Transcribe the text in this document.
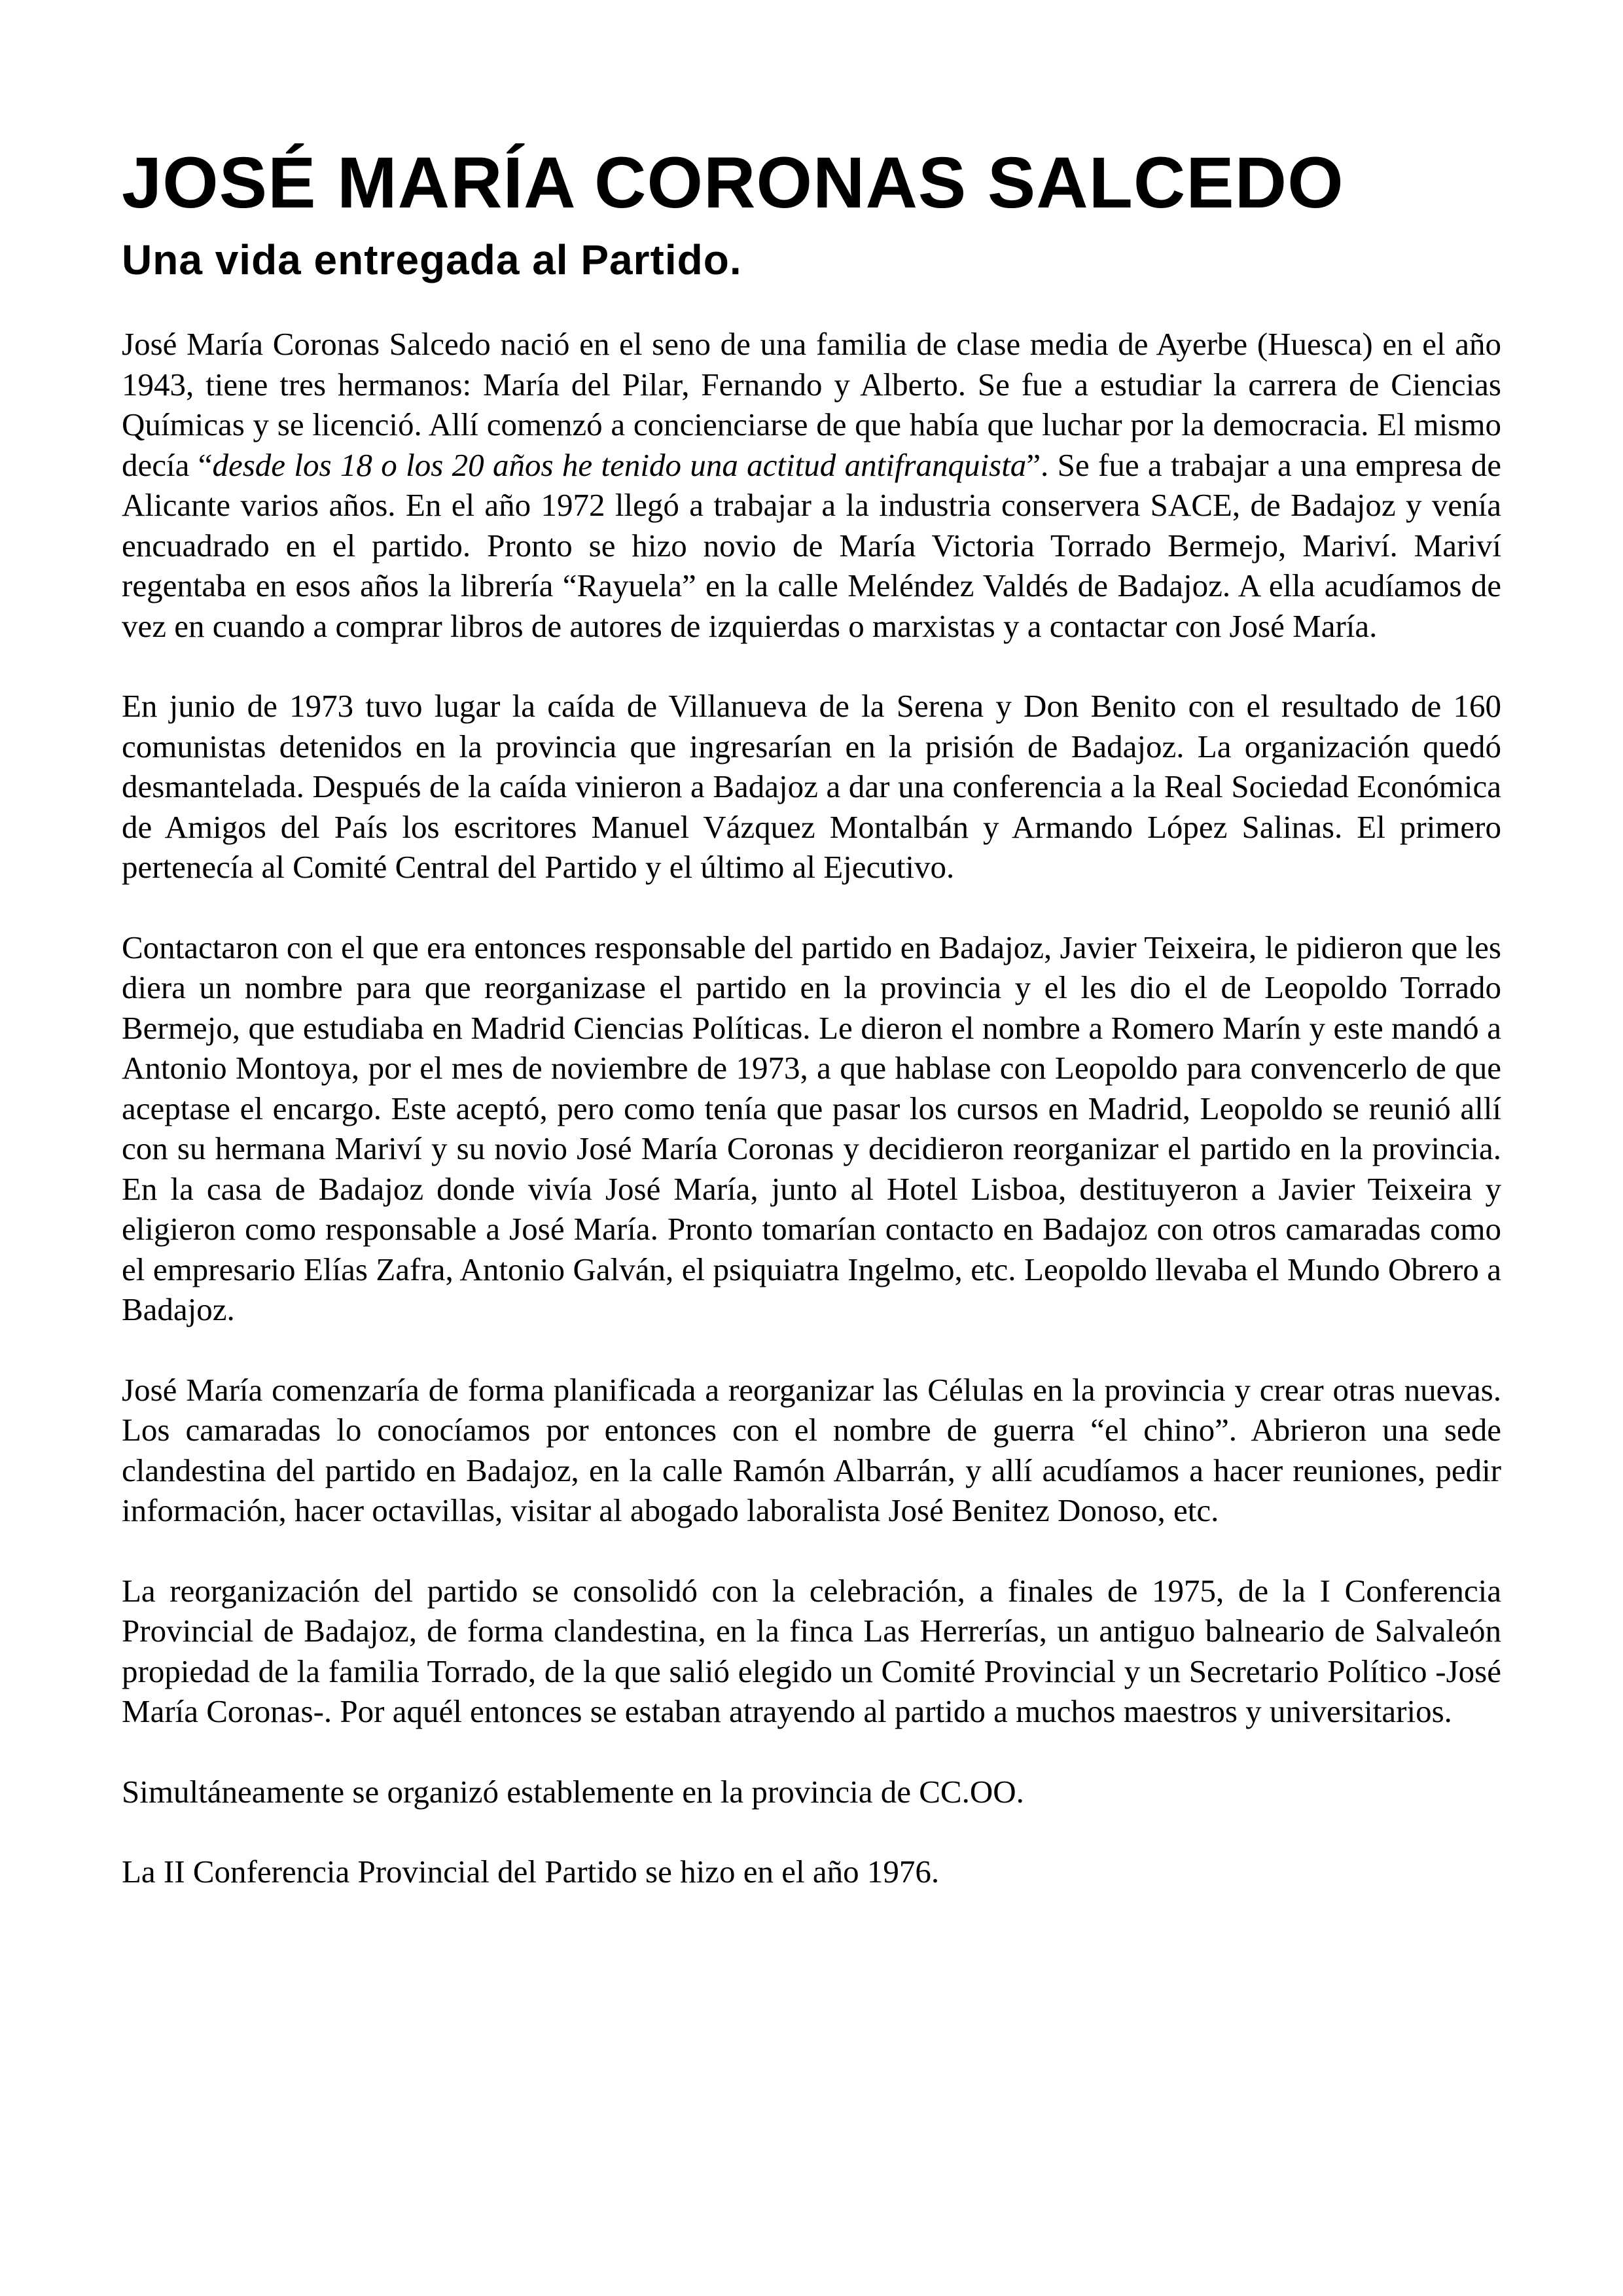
JOSÉ MARÍA CORONAS SALCEDO
Una vida entregada al Partido.

José María Coronas Salcedo nació en el seno de una familia de clase media de Ayerbe (Huesca) en el año 1943, tiene tres hermanos: María del Pilar, Fernando y Alberto. Se fue a estudiar la carrera de Ciencias Químicas y se licenció. Allí comenzó a concienciarse de que había que luchar por la democracia. El mismo decía “desde los 18 o los 20 años he tenido una actitud antifranquista”. Se fue a trabajar a una empresa de Alicante varios años. En el año 1972 llegó a trabajar a la industria conservera SACE, de Badajoz y venía encuadrado en el partido. Pronto se hizo novio de María Victoria Torrado Bermejo, Mariví. Mariví regentaba en esos años la librería “Rayuela” en la calle Meléndez Valdés de Badajoz. A ella acudíamos de vez en cuando a comprar libros de autores de izquierdas o marxistas y a contactar con José María.

En junio de 1973 tuvo lugar la caída de Villanueva de la Serena y Don Benito con el resultado de 160 comunistas detenidos en la provincia que ingresarían en la prisión de Badajoz. La organización quedó desmantelada. Después de la caída vinieron a Badajoz a dar una conferencia a la Real Sociedad Económica de Amigos del País los escritores Manuel Vázquez Montalbán y Armando López Salinas. El primero pertenecía al Comité Central del Partido y el último al Ejecutivo.

Contactaron con el que era entonces responsable del partido en Badajoz, Javier Teixeira, le pidieron que les diera un nombre para que reorganizase el partido en la provincia y el les dio el de Leopoldo Torrado Bermejo, que estudiaba en Madrid Ciencias Políticas. Le dieron el nombre a Romero Marín y este mandó a Antonio Montoya, por el mes de noviembre de 1973, a que hablase con Leopoldo para convencerlo de que aceptase el encargo. Este aceptó, pero como tenía que pasar los cursos en Madrid, Leopoldo se reunió allí con su hermana Mariví y su novio José María Coronas y decidieron reorganizar el partido en la provincia. En la casa de Badajoz donde vivía José María, junto al Hotel Lisboa, destituyeron a Javier Teixeira y eligieron como responsable a José María. Pronto tomarían contacto en Badajoz con otros camaradas como el empresario Elías Zafra, Antonio Galván, el psiquiatra Ingelmo, etc. Leopoldo llevaba el Mundo Obrero a Badajoz.

José María comenzaría de forma planificada a reorganizar las Células en la provincia y crear otras nuevas. Los camaradas lo conocíamos por entonces con el nombre de guerra “el chino”. Abrieron una sede clandestina del partido en Badajoz, en la calle Ramón Albarrán, y allí acudíamos a hacer reuniones, pedir información, hacer octavillas, visitar al abogado laboralista José Benitez Donoso, etc.

La reorganización del partido se consolidó con la celebración, a finales de 1975, de la I Conferencia Provincial de Badajoz, de forma clandestina, en la finca Las Herrerías, un antiguo balneario de Salvaleón propiedad de la familia Torrado, de la que salió elegido un Comité Provincial y un Secretario Político -José María Coronas-. Por aquél entonces se estaban atrayendo al partido a muchos maestros y universitarios.

Simultáneamente se organizó establemente en la provincia de CC.OO.

La II Conferencia Provincial del Partido se hizo en el año 1976.
